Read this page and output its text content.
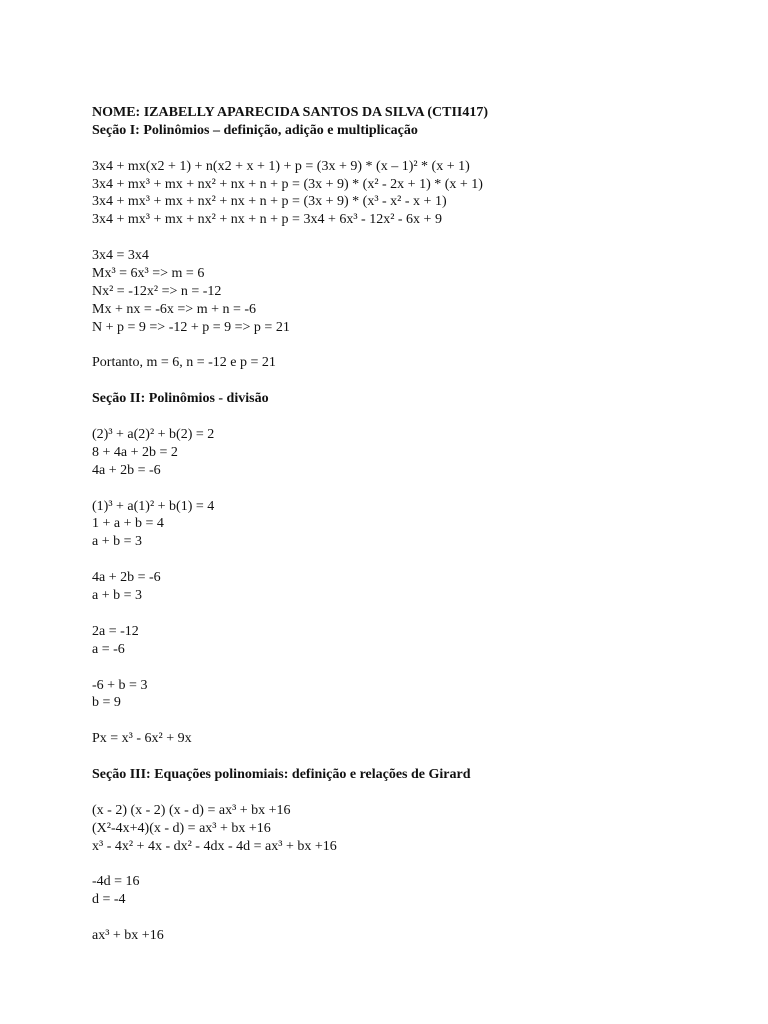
NOME: IZABELLY APARECIDA SANTOS DA SILVA (CTII417)
Seção I: Polinômios – definição, adição e multiplicação
3x4 + mx(x2 + 1) + n(x2 + x + 1) + p = (3x + 9) * (x – 1)² * (x + 1)
3x4 + mx³ + mx + nx² + nx + n + p = (3x + 9) * (x² - 2x + 1) * (x + 1)
3x4 + mx³ + mx + nx² + nx + n + p = (3x + 9) * (x³ - x² - x + 1)
3x4 + mx³ + mx + nx² + nx + n + p = 3x4 + 6x³ - 12x² - 6x + 9
3x4 = 3x4
Mx³ = 6x³ => m = 6
Nx² = -12x² => n = -12
Mx + nx = -6x => m + n = -6
N + p = 9 => -12 + p = 9 => p = 21
Portanto, m = 6, n = -12 e p = 21
Seção II: Polinômios - divisão
(2)³ + a(2)² + b(2) = 2
8 + 4a + 2b = 2
4a + 2b = -6
(1)³ + a(1)² + b(1) = 4
1 + a + b = 4
a + b = 3
4a + 2b = -6
a + b = 3
2a = -12
a = -6
-6 + b = 3
b = 9
Px = x³ - 6x² + 9x
Seção III: Equações polinomiais: definição e relações de Girard
(x - 2) (x - 2) (x - d) = ax³ + bx +16
(X²-4x+4)(x - d) = ax³ + bx +16
x³ - 4x² + 4x - dx² - 4dx - 4d = ax³ + bx +16
-4d = 16
d = -4
ax³ + bx +16
